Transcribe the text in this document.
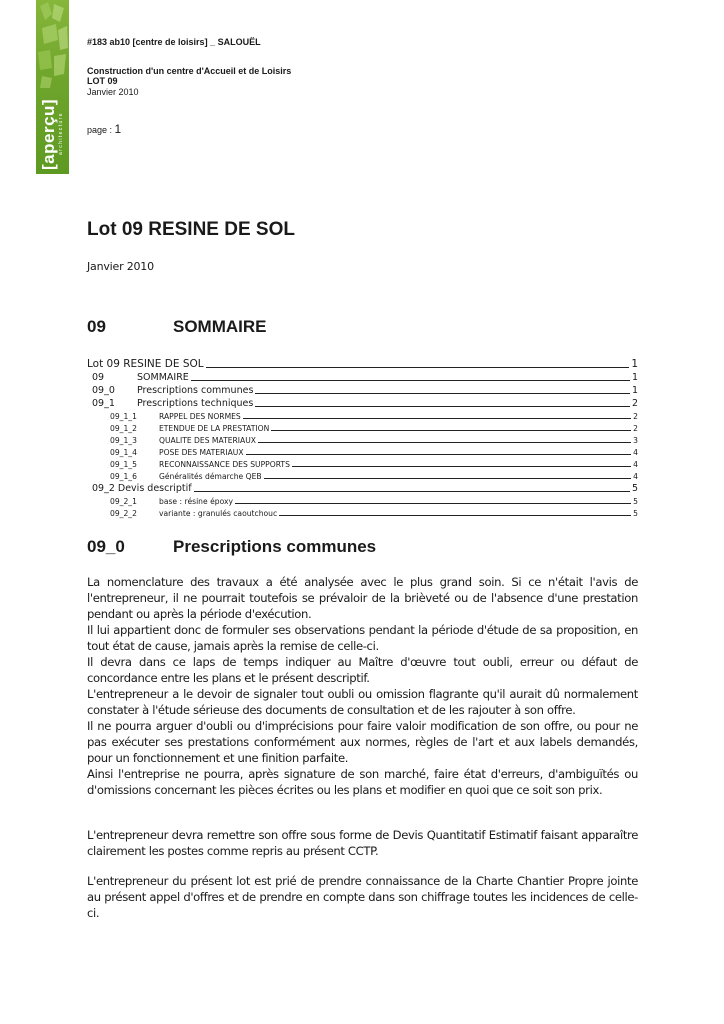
[aperçu] architecture
#183 ab10 [centre de loisirs] _ SALOUËL
Construction d'un centre d'Accueil et de Loisirs
LOT 09
Janvier 2010
page : 1
Lot 09 RESINE DE SOL
Janvier 2010
09	SOMMAIRE
Lot 09 RESINE DE SOL	1
09	SOMMAIRE	1
09_0 Prescriptions communes	1
09_1 Prescriptions techniques	2
09_1_1	RAPPEL DES NORMES	2
09_1_2	ETENDUE DE LA PRESTATION	2
09_1_3	QUALITE DES MATERIAUX	3
09_1_4	POSE DES MATERIAUX	4
09_1_5	RECONNAISSANCE DES SUPPORTS	4
09_1_6	Généralités démarche QEB	4
09_2 Devis descriptif	5
09_2_1	base : résine époxy	5
09_2_2	variante : granulés caoutchouc	5
09_0	Prescriptions communes

La nomenclature des travaux a été analysée avec le plus grand soin. Si ce n'était l'avis de l'entrepreneur, il ne pourrait toutefois se prévaloir de la brièveté ou de l'absence d'une prestation pendant ou après la période d'exécution.

Il lui appartient donc de formuler ses observations pendant la période d'étude de sa proposition, en tout état de cause, jamais après la remise de celle-ci.

Il devra dans ce laps de temps indiquer au Maître d'œuvre tout oubli, erreur ou défaut de concordance entre les plans et le présent descriptif.

L'entrepreneur a le devoir de signaler tout oubli ou omission flagrante qu'il aurait dû normalement constater à l'étude sérieuse des documents de consultation et de les rajouter à son offre.

Il ne pourra arguer d'oubli ou d'imprécisions pour faire valoir modification de son offre, ou pour ne pas exécuter ses prestations conformément aux normes, règles de l'art et aux labels demandés, pour un fonctionnement et une finition parfaite.

Ainsi l'entreprise ne pourra, après signature de son marché, faire état d'erreurs, d'ambiguïtés ou d'omissions concernant les pièces écrites ou les plans et modifier en quoi que ce soit son prix.

L'entrepreneur devra remettre son offre sous forme de Devis Quantitatif Estimatif faisant apparaître clairement les postes comme repris au présent CCTP.

L'entrepreneur du présent lot est prié de prendre connaissance de la Charte Chantier Propre jointe au présent appel d'offres et de prendre en compte dans son chiffrage toutes les incidences de celle-ci.
